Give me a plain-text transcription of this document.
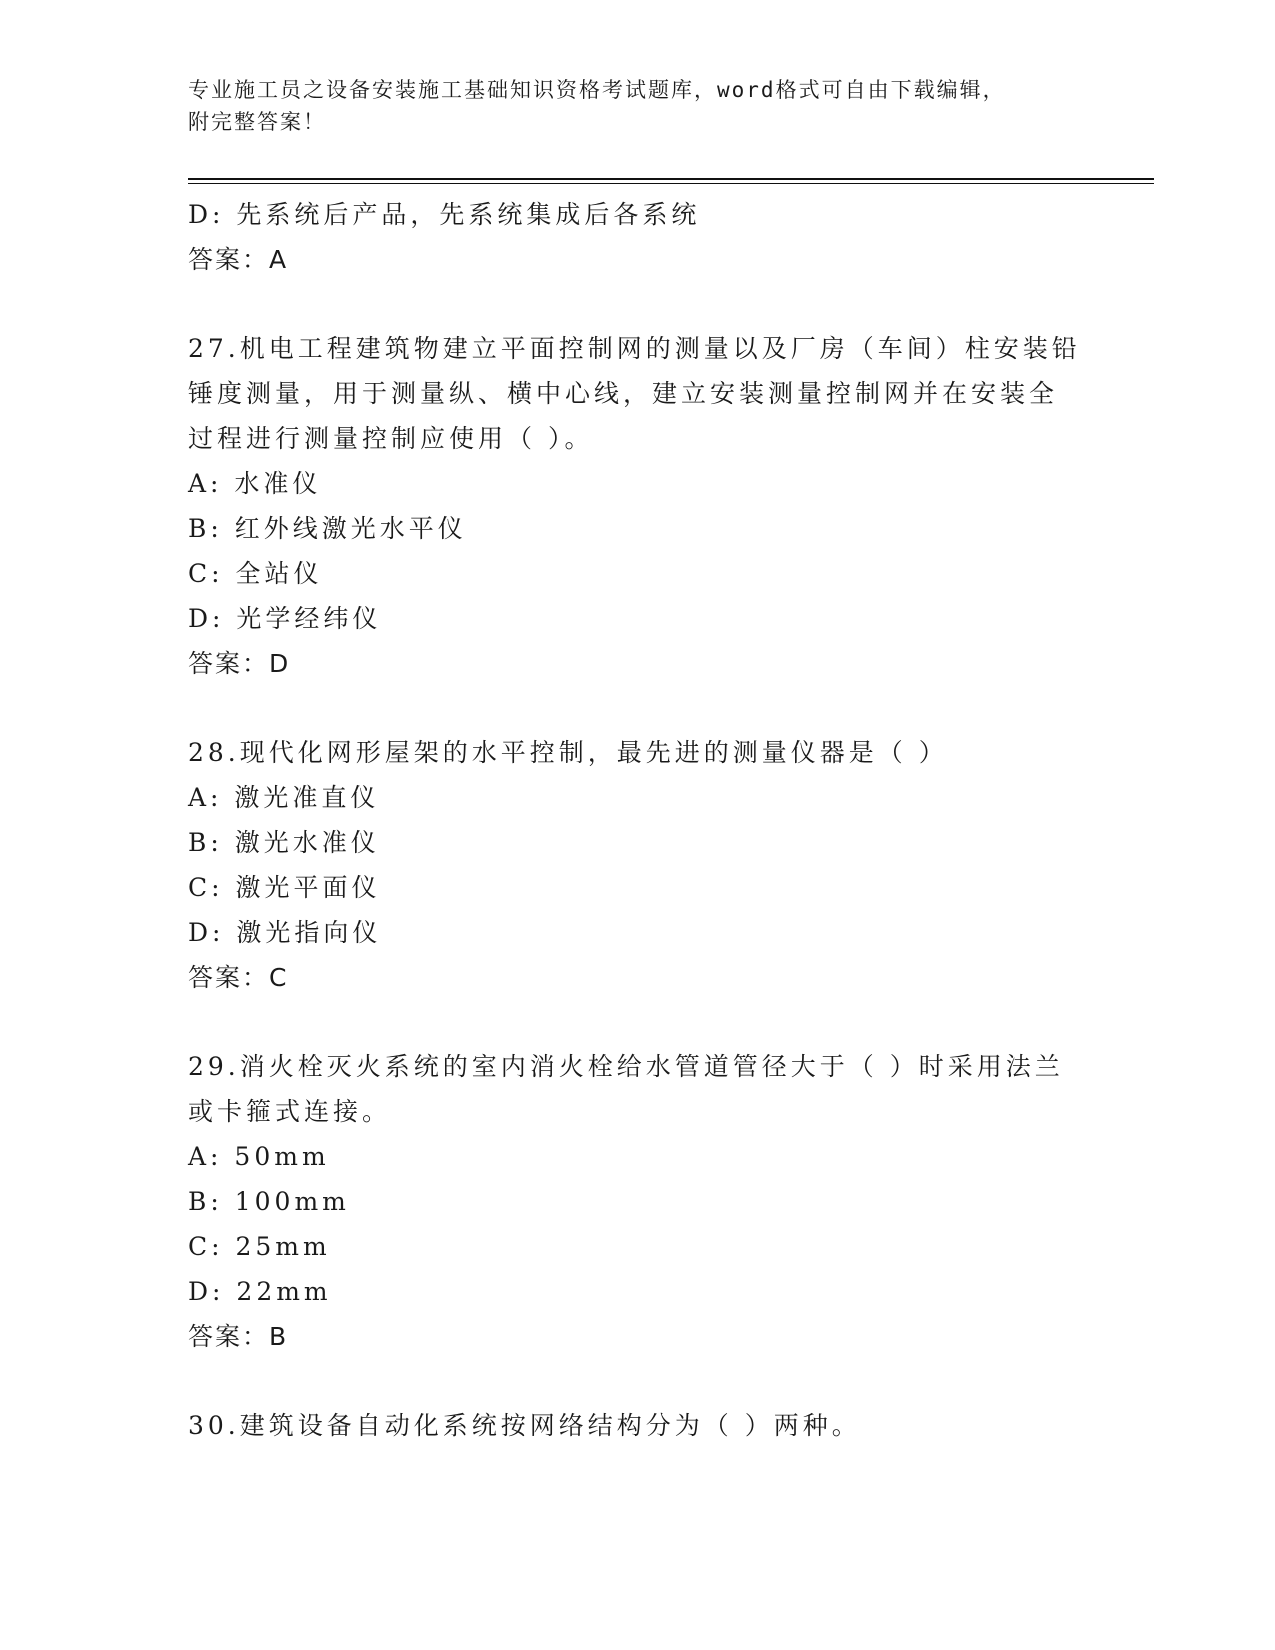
专业施工员之设备安装施工基础知识资格考试题库，word格式可自由下载编辑，
附完整答案！
D: 先系统后产品，先系统集成后各系统
答案：A
27.机电工程建筑物建立平面控制网的测量以及厂房（车间）柱安装铅
锤度测量，用于测量纵、横中心线，建立安装测量控制网并在安装全
过程进行测量控制应使用（ ）。
A: 水准仪
B: 红外线激光水平仪
C: 全站仪
D: 光学经纬仪
答案：D
28.现代化网形屋架的水平控制，最先进的测量仪器是（ ）
A: 激光准直仪
B: 激光水准仪
C: 激光平面仪
D: 激光指向仪
答案：C
29.消火栓灭火系统的室内消火栓给水管道管径大于（ ）时采用法兰
或卡箍式连接。
A: 50mm
B: 100mm
C: 25mm
D: 22mm
答案：B
30.建筑设备自动化系统按网络结构分为（ ）两种。
